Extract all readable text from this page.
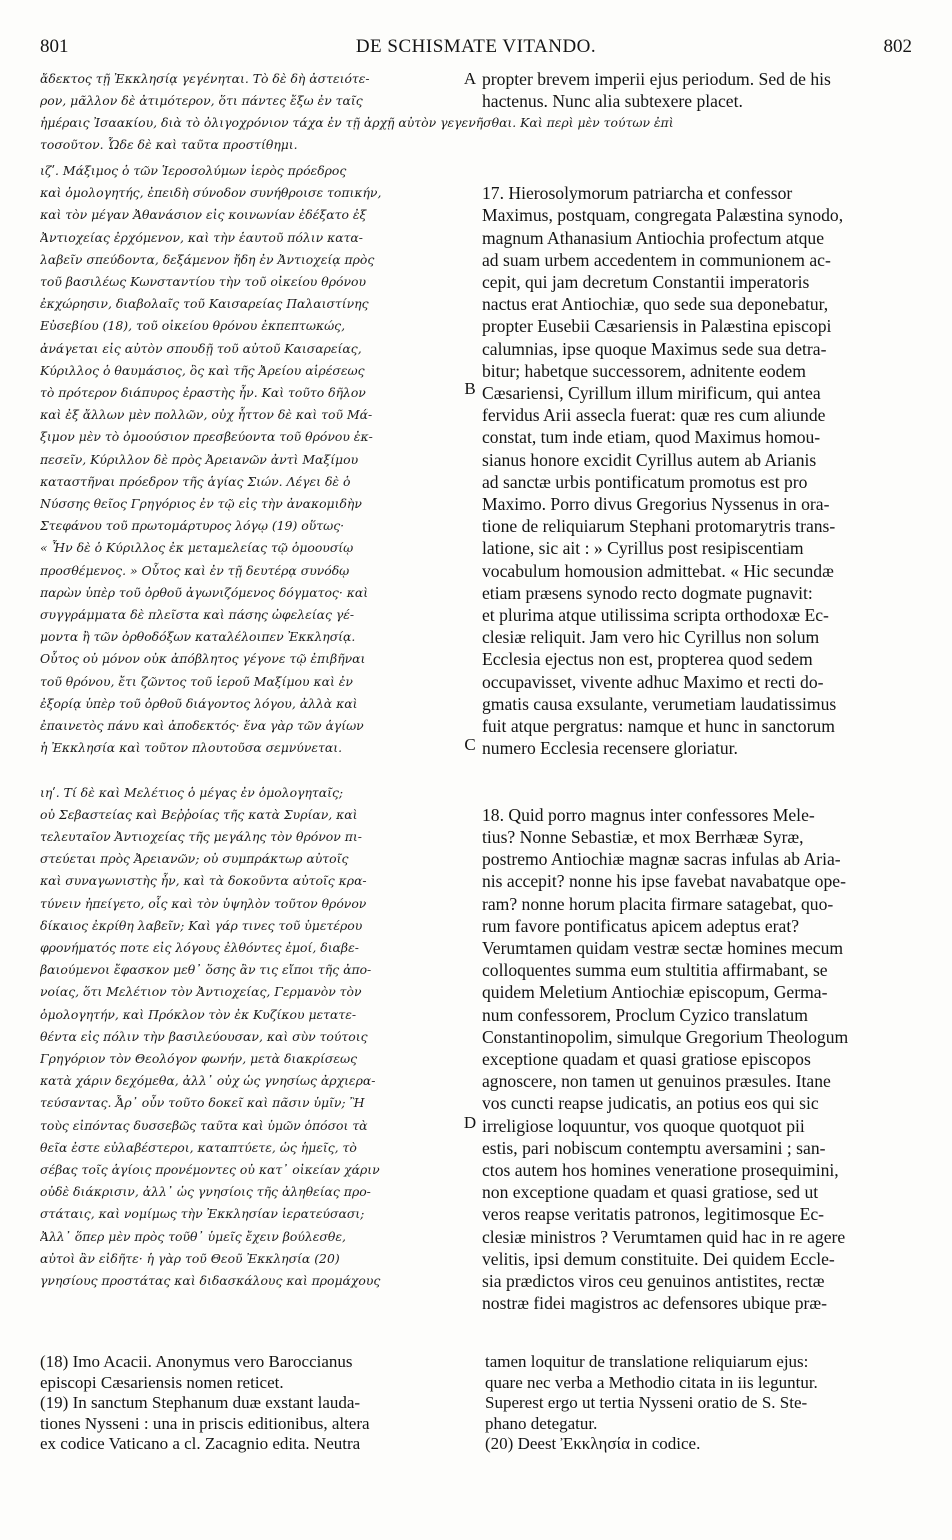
801	DE SCHISMATE VITANDO.	802
ἄδεκτος τῇ Ἐκκλησίᾳ γεγένηται. Τὸ δὲ δὴ ἀστειότε-
ρον, μᾶλλον δὲ ἀτιμότερον, ὅτι πάντες ἔξω ἐν ταῖς
propter brevem imperii ejus periodum. Sed de his
hactenus. Nunc alia subtexere placet.
A
ἡμέραις Ἰσαακίου, διὰ τὸ ὀλιγοχρόνιον τάχα ἐν τῇ ἀρχῇ αὐτὸν γεγενῆσθαι. Καὶ περὶ μὲν τούτων ἐπὶ
τοσοῦτον. Ὧδε δὲ καὶ ταῦτα προστίθημι.
ιζʹ. Μάξιμος ὁ τῶν Ἱεροσολύμων ἱερὸς πρόεδρος
καὶ ὁμολογητής, ἐπειδὴ σύνοδον συνήθροισε τοπικήν,
καὶ τὸν μέγαν Ἀθανάσιον εἰς κοινωνίαν ἐδέξατο ἐξ
Ἀντιοχείας ἐρχόμενον, καὶ τὴν ἑαυτοῦ πόλιν κατα-
λαβεῖν σπεύδοντα, δεξάμενον ἤδη ἐν Ἀντιοχείᾳ πρὸς
τοῦ βασιλέως Κωνσταντίου τὴν τοῦ οἰκείου θρόνου
ἐκχώρησιν, διαβολαῖς τοῦ Καισαρείας Παλαιστίνης
Εὐσεβίου (18), τοῦ οἰκείου θρόνου ἐκπεπτωκώς,
ἀνάγεται εἰς αὐτὸν σπουδῇ τοῦ αὐτοῦ Καισαρείας,
Κύριλλος ὁ θαυμάσιος, ὃς καὶ τῆς Ἀρείου αἱρέσεως
τὸ πρότερον διάπυρος ἐραστὴς ἦν. Καὶ τοῦτο δῆλον
καὶ ἐξ ἄλλων μὲν πολλῶν, οὐχ ἧττον δὲ καὶ τοῦ Μά-
ξιμον μὲν τὸ ὁμοούσιον πρεσβεύοντα τοῦ θρόνου ἐκ-
πεσεῖν, Κύριλλον δὲ πρὸς Ἀρειανῶν ἀντὶ Μαξίμου
καταστῆναι πρόεδρον τῆς ἁγίας Σιών. Λέγει δὲ ὁ
Νύσσης θεῖος Γρηγόριος ἐν τῷ εἰς τὴν ἀνακομιδὴν
Στεφάνου τοῦ πρωτομάρτυρος λόγῳ (19) οὕτως·
« Ἦν δὲ ὁ Κύριλλος ἐκ μεταμελείας τῷ ὁμοουσίῳ
προσθέμενος. » Οὗτος καὶ ἐν τῇ δευτέρᾳ συνόδῳ
παρὼν ὑπὲρ τοῦ ὀρθοῦ ἀγωνιζόμενος δόγματος· καὶ
συγγράμματα δὲ πλεῖστα καὶ πάσης ὠφελείας γέ-
μοντα ἢ τῶν ὀρθοδόξων καταλέλοιπεν Ἐκκλησίᾳ.
Οὗτος οὐ μόνον οὐκ ἀπόβλητος γέγονε τῷ ἐπιβῆναι
τοῦ θρόνου, ἔτι ζῶντος τοῦ ἱεροῦ Μαξίμου καὶ ἐν
ἐξορίᾳ ὑπὲρ τοῦ ὀρθοῦ διάγοντος λόγου, ἀλλὰ καὶ
ἐπαινετὸς πάνυ καὶ ἀποδεκτός· ἕνα γὰρ τῶν ἁγίων
ἡ Ἐκκλησία καὶ τοῦτον πλουτοῦσα σεμνύνεται.
ιηʹ. Τί δὲ καὶ Μελέτιος ὁ μέγας ἐν ὁμολογηταῖς;
οὐ Σεβαστείας καὶ Βεῤῥοίας τῆς κατὰ Συρίαν, καὶ
τελευταῖον Ἀντιοχείας τῆς μεγάλης τὸν θρόνον πι-
στεύεται πρὸς Ἀρειανῶν; οὐ συμπράκτωρ αὐτοῖς
καὶ συναγωνιστὴς ἦν, καὶ τὰ δοκοῦντα αὐτοῖς κρα-
τύνειν ἠπείγετο, οἷς καὶ τὸν ὑψηλὸν τοῦτον θρόνον
δίκαιος ἐκρίθη λαβεῖν; Καὶ γάρ τινες τοῦ ὑμετέρου
φρονήματός ποτε εἰς λόγους ἐλθόντες ἐμοί, διαβε-
βαιούμενοι ἔφασκον μεθ᾽ ὅσης ἂν τις εἴποι τῆς ἀπο-
νοίας, ὅτι Μελέτιον τὸν Ἀντιοχείας, Γερμανὸν τὸν
ὁμολογητήν, καὶ Πρόκλον τὸν ἐκ Κυζίκου μετατε-
θέντα εἰς πόλιν τὴν βασιλεύουσαν, καὶ σὺν τούτοις
Γρηγόριον τὸν Θεολόγον φωνήν, μετὰ διακρίσεως
κατὰ χάριν δεχόμεθα, ἀλλ᾽ οὐχ ὡς γνησίως ἀρχιερα-
τεύσαντας. Ἆρ᾽ οὖν τοῦτο δοκεῖ καὶ πᾶσιν ὑμῖν; Ἢ
τοὺς εἰπόντας δυσσεβῶς ταῦτα καὶ ὑμῶν ὁπόσοι τὰ
θεῖα ἐστε εὐλαβέστεροι, καταπτύετε, ὡς ἡμεῖς, τὸ
σέβας τοῖς ἁγίοις προνέμοντες οὐ κατ᾽ οἰκείαν χάριν
οὐδὲ διάκρισιν, ἀλλ᾽ ὡς γνησίοις τῆς ἀληθείας προ-
στάταις, καὶ νομίμως τὴν Ἐκκλησίαν ἱερατεύσασι;
Ἀλλ᾽ ὅπερ μὲν πρὸς τοῦθ᾽ ὑμεῖς ἔχειν βούλεσθε,
αὐτοὶ ἂν εἰδῆτε· ἡ γὰρ τοῦ Θεοῦ Ἐκκλησία (20)
γνησίους προστάτας καὶ διδασκάλους καὶ προμάχους
17. Hierosolymorum patriarcha et confessor
Maximus, postquam, congregata Palæstina synodo,
magnum Athanasium Antiochia profectum atque
ad suam urbem accedentem in communionem ac-
cepit, qui jam decretum Constantii imperatoris
nactus erat Antiochiæ, quo sede sua deponebatur,
propter Eusebii Cæsariensis in Palæstina episcopi
calumnias, ipse quoque Maximus sede sua detra-
bitur; habetque successorem, adnitente eodem
Cæsariensi, Cyrillum illum mirificum, qui antea
fervidus Arii assecla fuerat: quæ res cum aliunde
constat, tum inde etiam, quod Maximus homou-
sianus honore excidit Cyrillus autem ab Arianis
ad sanctæ urbis pontificatum promotus est pro
Maximo. Porro divus Gregorius Nyssenus in ora-
tione de reliquiarum Stephani protomarytris trans-
latione, sic ait : » Cyrillus post resipiscentiam
vocabulum homousion admittebat. « Hic secundæ
etiam præsens synodo recto dogmate pugnavit:
et plurima atque utilissima scripta orthodoxæ Ec-
clesiæ reliquit. Jam vero hic Cyrillus non solum
Ecclesia ejectus non est, propterea quod sedem
occupavisset, vivente adhuc Maximo et recti do-
gmatis causa exsulante, verumetiam laudatissimus
fuit atque pergratus: namque et hunc in sanctorum
numero Ecclesia recensere gloriatur.
18. Quid porro magnus inter confessores Mele-
tius? Nonne Sebastiæ, et mox Berrhææ Syræ,
postremo Antiochiæ magnæ sacras infulas ab Aria-
nis accepit? nonne his ipse favebat navabatque ope-
ram? nonne horum placita firmare satagebat, quo-
rum favore pontificatus apicem adeptus erat?
Verumtamen quidam vestræ sectæ homines mecum
colloquentes summa eum stultitia affirmabant, se
quidem Meletium Antiochiæ episcopum, Germa-
num confessorem, Proclum Cyzico translatum
Constantinopolim, simulque Gregorium Theologum
exceptione quadam et quasi gratiose episcopos
agnoscere, non tamen ut genuinos præsules. Itane
vos cuncti reapse judicatis, an potius eos qui sic
irreligiose loquuntur, vos quoque quotquot pii
estis, pari nobiscum contemptu aversamini ; san-
ctos autem hos homines veneratione prosequimini,
non exceptione quadam et quasi gratiose, sed ut
veros reapse veritatis patronos, legitimosque Ec-
clesiæ ministros ? Verumtamen quid hac in re agere
velitis, ipsi demum constituite. Dei quidem Eccle-
sia prædictos viros ceu genuinos antistites, rectæ
nostræ fidei magistros ac defensores ubique præ-
B
C
D
(18) Imo Acacii. Anonymus vero Baroccianus
episcopi Cæsariensis nomen reticet.
(19) In sanctum Stephanum duæ exstant lauda-
tiones Nysseni : una in priscis editionibus, altera
ex codice Vaticano a cl. Zacagnio edita. Neutra
tamen loquitur de translatione reliquiarum ejus:
quare nec verba a Methodio citata in iis leguntur.
Superest ergo ut tertia Nysseni oratio de S. Ste-
phano detegatur.
(20) Deest Ἐκκλησία in codice.
